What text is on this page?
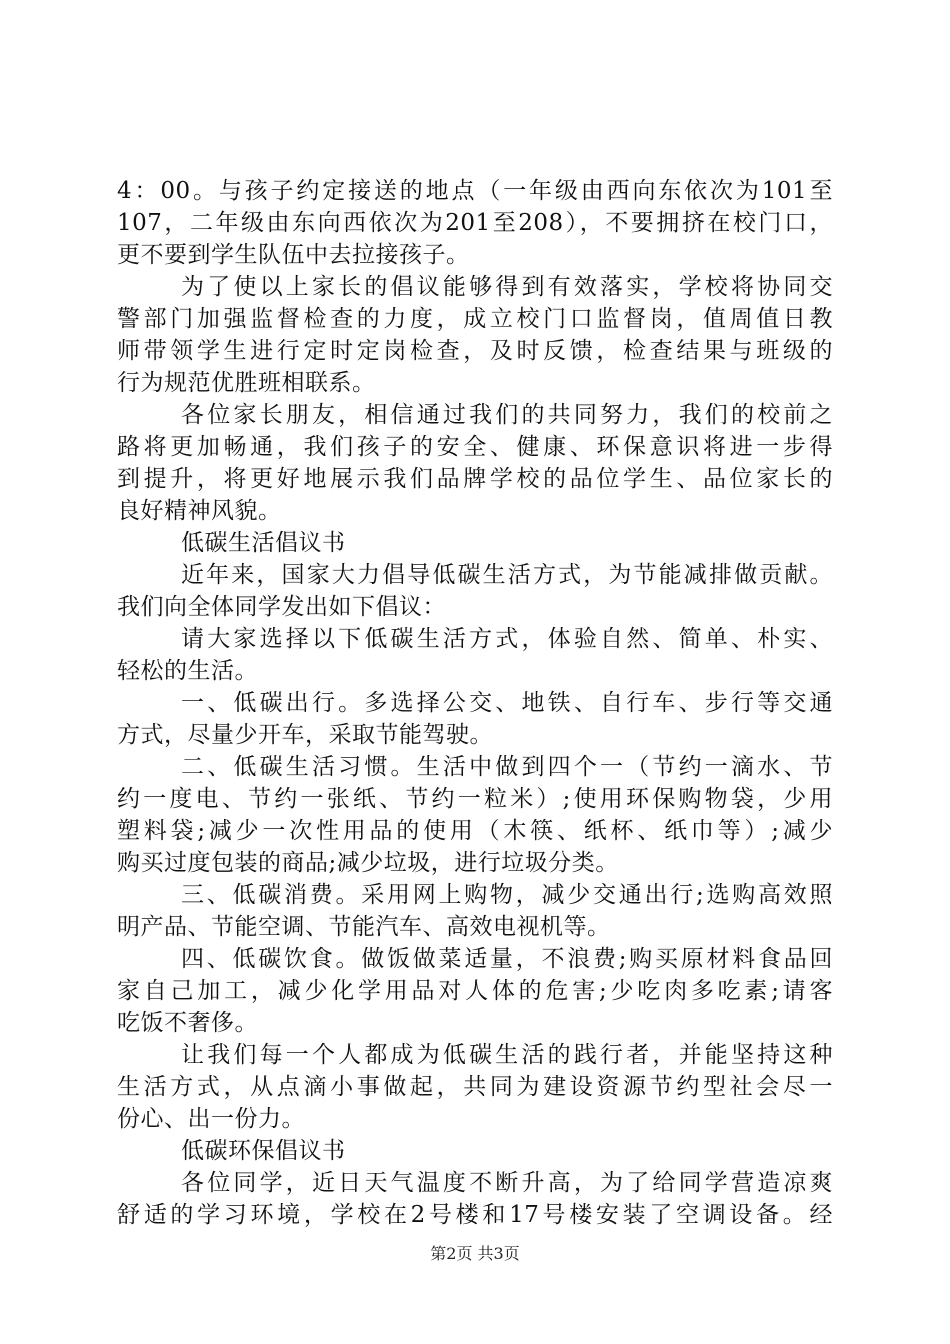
4：00。与孩子约定接送的地点（一年级由西向东依次为101至
107，二年级由东向西依次为201至208），不要拥挤在校门口，
更不要到学生队伍中去拉接孩子。
为了使以上家长的倡议能够得到有效落实，学校将协同交
警部门加强监督检查的力度，成立校门口监督岗，值周值日教
师带领学生进行定时定岗检查，及时反馈，检查结果与班级的
行为规范优胜班相联系。
各位家长朋友，相信通过我们的共同努力，我们的校前之
路将更加畅通，我们孩子的安全、健康、环保意识将进一步得
到提升，将更好地展示我们品牌学校的品位学生、品位家长的
良好精神风貌。
低碳生活倡议书
近年来，国家大力倡导低碳生活方式，为节能减排做贡献。
我们向全体同学发出如下倡议：
请大家选择以下低碳生活方式，体验自然、简单、朴实、
轻松的生活。
一、低碳出行。多选择公交、地铁、自行车、步行等交通
方式，尽量少开车，采取节能驾驶。
二、低碳生活习惯。生活中做到四个一（节约一滴水、节
约一度电、节约一张纸、节约一粒米）;使用环保购物袋，少用
塑料袋;减少一次性用品的使用（木筷、纸杯、纸巾等）;减少
购买过度包装的商品;减少垃圾，进行垃圾分类。
三、低碳消费。采用网上购物，减少交通出行;选购高效照
明产品、节能空调、节能汽车、高效电视机等。
四、低碳饮食。做饭做菜适量，不浪费;购买原材料食品回
家自己加工，减少化学用品对人体的危害;少吃肉多吃素;请客
吃饭不奢侈。
让我们每一个人都成为低碳生活的践行者，并能坚持这种
生活方式，从点滴小事做起，共同为建设资源节约型社会尽一
份心、出一份力。
低碳环保倡议书
各位同学，近日天气温度不断升高，为了给同学营造凉爽
舒适的学习环境，学校在2号楼和17号楼安装了空调设备。经
第2页 共3页
